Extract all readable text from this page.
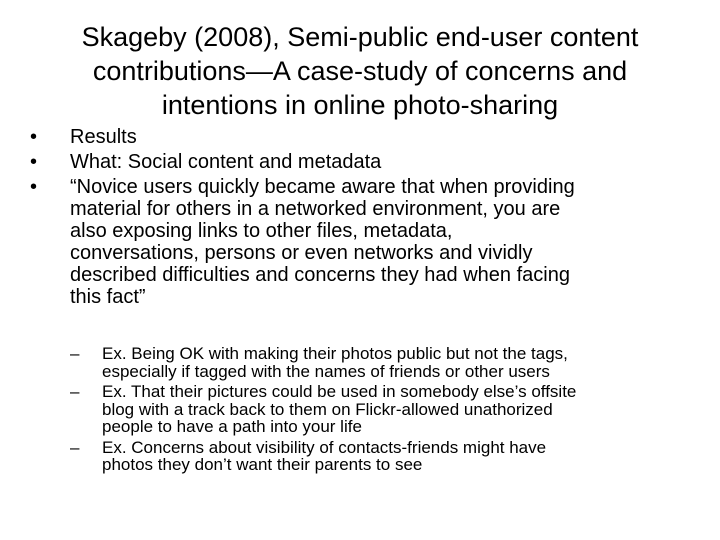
Skageby (2008), Semi-public end-user content
contributions—A case-study of concerns and
intentions in online photo-sharing
•	Results
•	What: Social content and metadata
•	“Novice users quickly became aware that when providing
material for others in a networked environment, you are
also exposing links to other files, metadata,
conversations, persons or even networks and vividly
described difficulties and concerns they had when facing
this fact”
–	Ex. Being OK with making their photos public but not the tags,
especially if tagged with the names of friends or other users
–	Ex. That their pictures could be used in somebody else’s offsite
blog with a track back to them on Flickr-allowed unathorized
people to have a path into your life
–	Ex. Concerns about visibility of contacts-friends might have
photos they don’t want their parents to see
